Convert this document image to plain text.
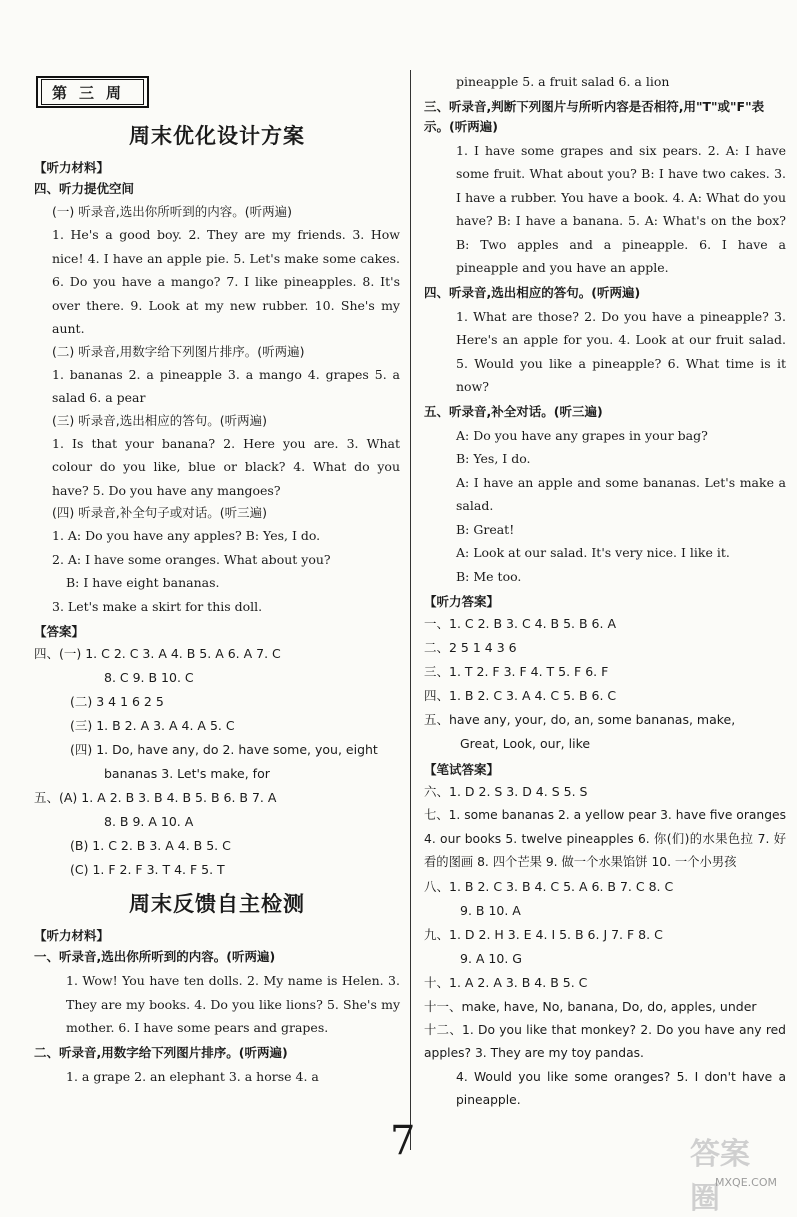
第三周
周末优化设计方案
【听力材料】
四、听力提优空间
(一) 听录音,选出你所听到的内容。(听两遍)
1. He's a good boy. 2. They are my friends. 3. How nice! 4. I have an apple pie. 5. Let's make some cakes. 6. Do you have a mango? 7. I like pineapples. 8. It's over there. 9. Look at my new rubber. 10. She's my aunt.
(二) 听录音,用数字给下列图片排序。(听两遍)
1. bananas 2. a pineapple 3. a mango 4. grapes 5. a salad 6. a pear
(三) 听录音,选出相应的答句。(听两遍)
1. Is that your banana? 2. Here you are. 3. What colour do you like, blue or black? 4. What do you have? 5. Do you have any mangoes?
(四) 听录音,补全句子或对话。(听三遍)
1. A: Do you have any apples? B: Yes, I do.
2. A: I have some oranges. What about you?
B: I have eight bananas.
3. Let's make a skirt for this doll.
【答案】
四、(一) 1. C 2. C 3. A 4. B 5. A 6. A 7. C
8. C 9. B 10. C
(二) 3 4 1 6 2 5
(三) 1. B 2. A 3. A 4. A 5. C
(四) 1. Do, have any, do 2. have some, you, eight
bananas 3. Let's make, for
五、(A) 1. A 2. B 3. B 4. B 5. B 6. B 7. A
8. B 9. A 10. A
(B) 1. C 2. B 3. A 4. B 5. C
(C) 1. F 2. F 3. T 4. F 5. T
周末反馈自主检测
【听力材料】
一、听录音,选出你所听到的内容。(听两遍)
1. Wow! You have ten dolls. 2. My name is Helen. 3. They are my books. 4. Do you like lions? 5. She's my mother. 6. I have some pears and grapes.
二、听录音,用数字给下列图片排序。(听两遍)
1. a grape 2. an elephant 3. a horse 4. a
pineapple 5. a fruit salad 6. a lion
三、听录音,判断下列图片与所听内容是否相符,用"T"或"F"表示。(听两遍)
1. I have some grapes and six pears. 2. A: I have some fruit. What about you? B: I have two cakes. 3. I have a rubber. You have a book. 4. A: What do you have? B: I have a banana. 5. A: What's on the box? B: Two apples and a pineapple. 6. I have a pineapple and you have an apple.
四、听录音,选出相应的答句。(听两遍)
1. What are those? 2. Do you have a pineapple? 3. Here's an apple for you. 4. Look at our fruit salad. 5. Would you like a pineapple? 6. What time is it now?
五、听录音,补全对话。(听三遍)
A: Do you have any grapes in your bag?
B: Yes, I do.
A: I have an apple and some bananas. Let's make a salad.
B: Great!
A: Look at our salad. It's very nice. I like it.
B: Me too.
【听力答案】
一、1. C 2. B 3. C 4. B 5. B 6. A
二、2 5 1 4 3 6
三、1. T 2. F 3. F 4. T 5. F 6. F
四、1. B 2. C 3. A 4. C 5. B 6. C
五、have any, your, do, an, some bananas, make,
Great, Look, our, like
【笔试答案】
六、1. D 2. S 3. D 4. S 5. S
七、1. some bananas 2. a yellow pear 3. have five oranges 4. our books 5. twelve pineapples 6. 你(们)的水果色拉 7. 好看的图画 8. 四个芒果 9. 做一个水果馅饼 10. 一个小男孩
八、1. B 2. C 3. B 4. C 5. A 6. B 7. C 8. C
9. B 10. A
九、1. D 2. H 3. E 4. I 5. B 6. J 7. F 8. C
9. A 10. G
十、1. A 2. A 3. B 4. B 5. C
十一、make, have, No, banana, Do, do, apples, under
十二、1. Do you like that monkey? 2. Do you have any red apples? 3. They are my toy pandas.
4. Would you like some oranges? 5. I don't have a pineapple.
7	答案圈
MXQE.COM
